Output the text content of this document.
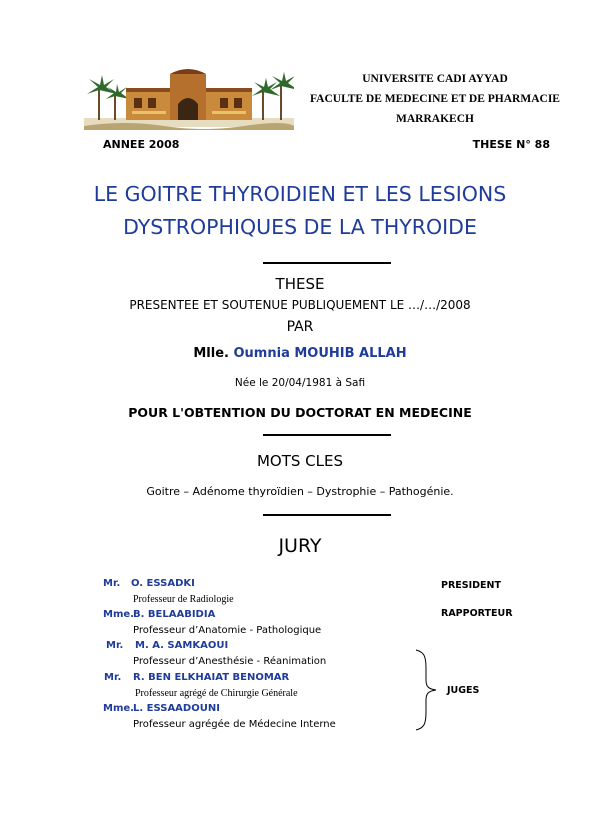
UNIVERSITE CADI AYYAD
FACULTE DE MEDECINE ET DE PHARMACIE
MARRAKECH
ANNEE 2008	THESE N° 88
LE GOITRE THYROIDIEN ET LES LESIONS
DYSTROPHIQUES DE LA THYROIDE
THESE
PRESENTEE ET SOUTENUE PUBLIQUEMENT LE …/…/2008
PAR
Mlle. Oumnia MOUHIB ALLAH
Née le 20/04/1981 à Safi
POUR L'OBTENTION DU DOCTORAT EN MEDECINE
MOTS CLES
Goitre – Adénome thyroïdien – Dystrophie – Pathogénie.
JURY
Mr. O. ESSADKI
Professeur de Radiologie
Mme. B. BELAABIDIA
Professeur d’Anatomie - Pathologique
Mr. M. A. SAMKAOUI
Professeur d’Anesthésie - Réanimation
Mr. R. BEN ELKHAIAT BENOMAR
Professeur agrégé de Chirurgie Générale
Mme. L. ESSAADOUNI
Professeur agrégée de Médecine Interne
PRESIDENT
RAPPORTEUR
JUGES
